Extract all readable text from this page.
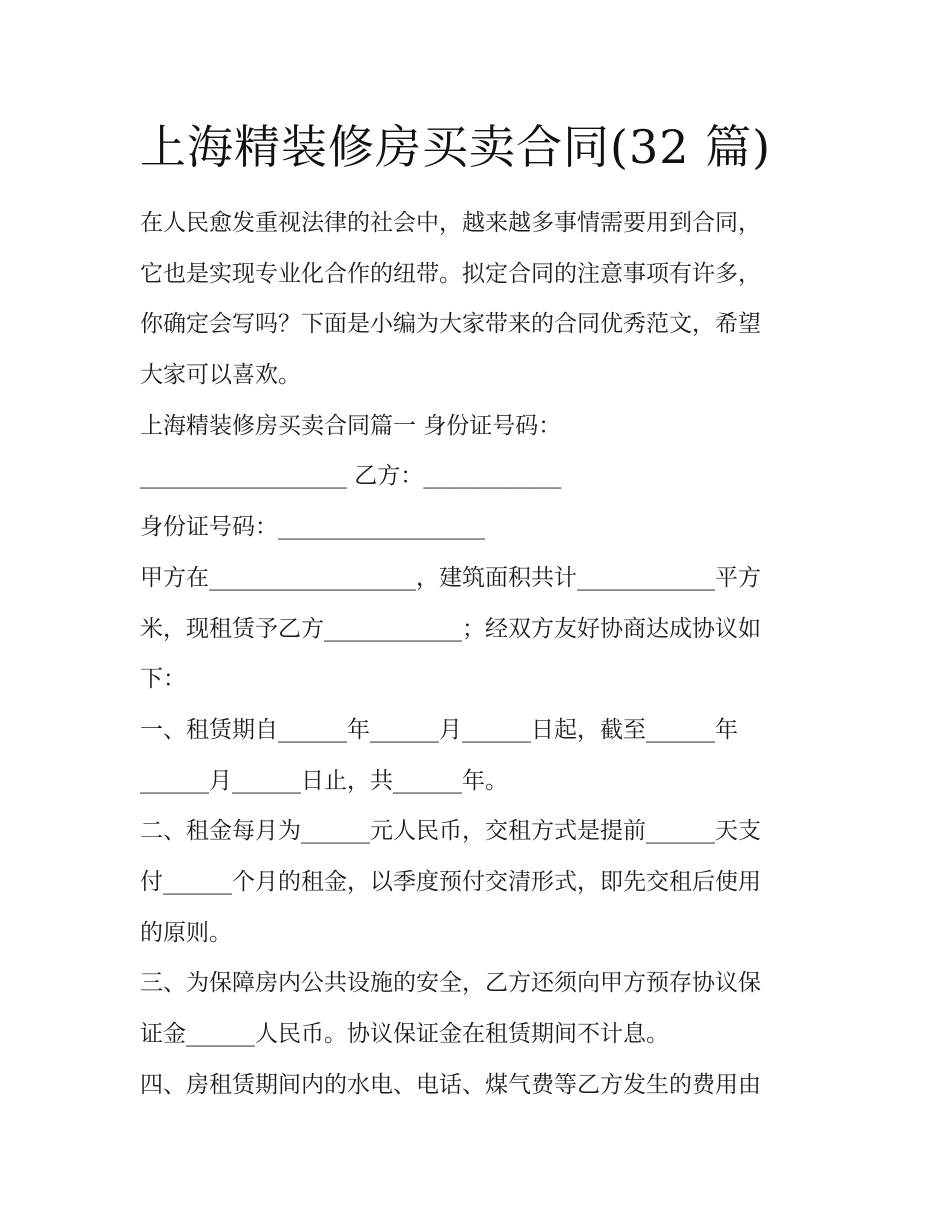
上海精装修房买卖合同(32 篇)
在人民愈发重视法律的社会中，越来越多事情需要用到合同，
它也是实现专业化合作的纽带。拟定合同的注意事项有许多，
你确定会写吗？下面是小编为大家带来的合同优秀范文，希望
大家可以喜欢。
上海精装修房买卖合同篇一 身份证号码：
__________________ 乙方：____________
身份证号码：__________________
甲方在__________________，建筑面积共计____________平方
米，现租赁予乙方____________；经双方友好协商达成协议如
下：
一、租赁期自______年______月______日起，截至______年
______月______日止，共______年。
二、租金每月为______元人民币，交租方式是提前______天支
付______个月的租金，以季度预付交清形式，即先交租后使用
的原则。
三、为保障房内公共设施的安全，乙方还须向甲方预存协议保
证金______人民币。协议保证金在租赁期间不计息。
四、房租赁期间内的水电、电话、煤气费等乙方发生的费用由
